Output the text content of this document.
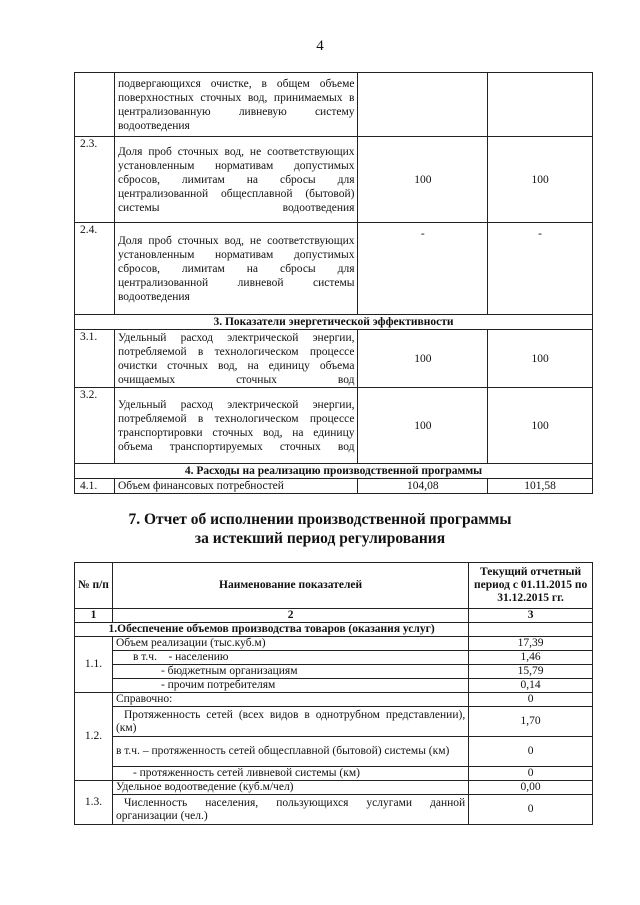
4
	подвергающихся очистке, в общем объеме поверхностных сточных вод, принимаемых в централизованную ливневую систему водоотведения		
2.3.	Доля проб сточных вод, не соответствующих установленным нормативам допустимых сбросов, лимитам на сбросы для централизованной общесплавной (бытовой) системы водоотведения	100	100
2.4.	Доля проб сточных вод, не соответствующих установленным нормативам допустимых сбросов, лимитам на сбросы для централизованной ливневой системы водоотведения	-	-
3. Показатели энергетической эффективности			
3.1.	Удельный расход электрической энергии, потребляемой в технологическом процессе очистки сточных вод, на единицу объема очищаемых сточных вод	100	100
3.2.	Удельный расход электрической энергии, потребляемой в технологическом процессе транспортировки сточных вод, на единицу объема транспортируемых сточных вод	100	100
4. Расходы на реализацию производственной программы			
4.1.	Объем финансовых потребностей	104,08	101,58
7. Отчет об исполнении производственной программы
за истекший период регулирования
№ п/п	Наименование показателей	Текущий отчетный период с 01.11.2015 по 31.12.2015 гг.
1	2	3
1.Обеспечение объемов производства товаров (оказания услуг)		
1.1.	Объем реализации (тыс.куб.м)	17,39
	в т.ч.    - населению	1,46
	- бюджетным организациям	15,79
	- прочим потребителям	0,14
1.2.	Справочно:	0
	Протяженность сетей (всех видов в однотрубном представлении), (км)	1,70
	в т.ч. – протяженность сетей общесплавной (бытовой) системы (км)	0
	- протяженность сетей ливневой системы (км)	0
1.3.	Удельное водоотведение (куб.м/чел)	0,00
	Численность населения, пользующихся услугами данной организации (чел.)	0
